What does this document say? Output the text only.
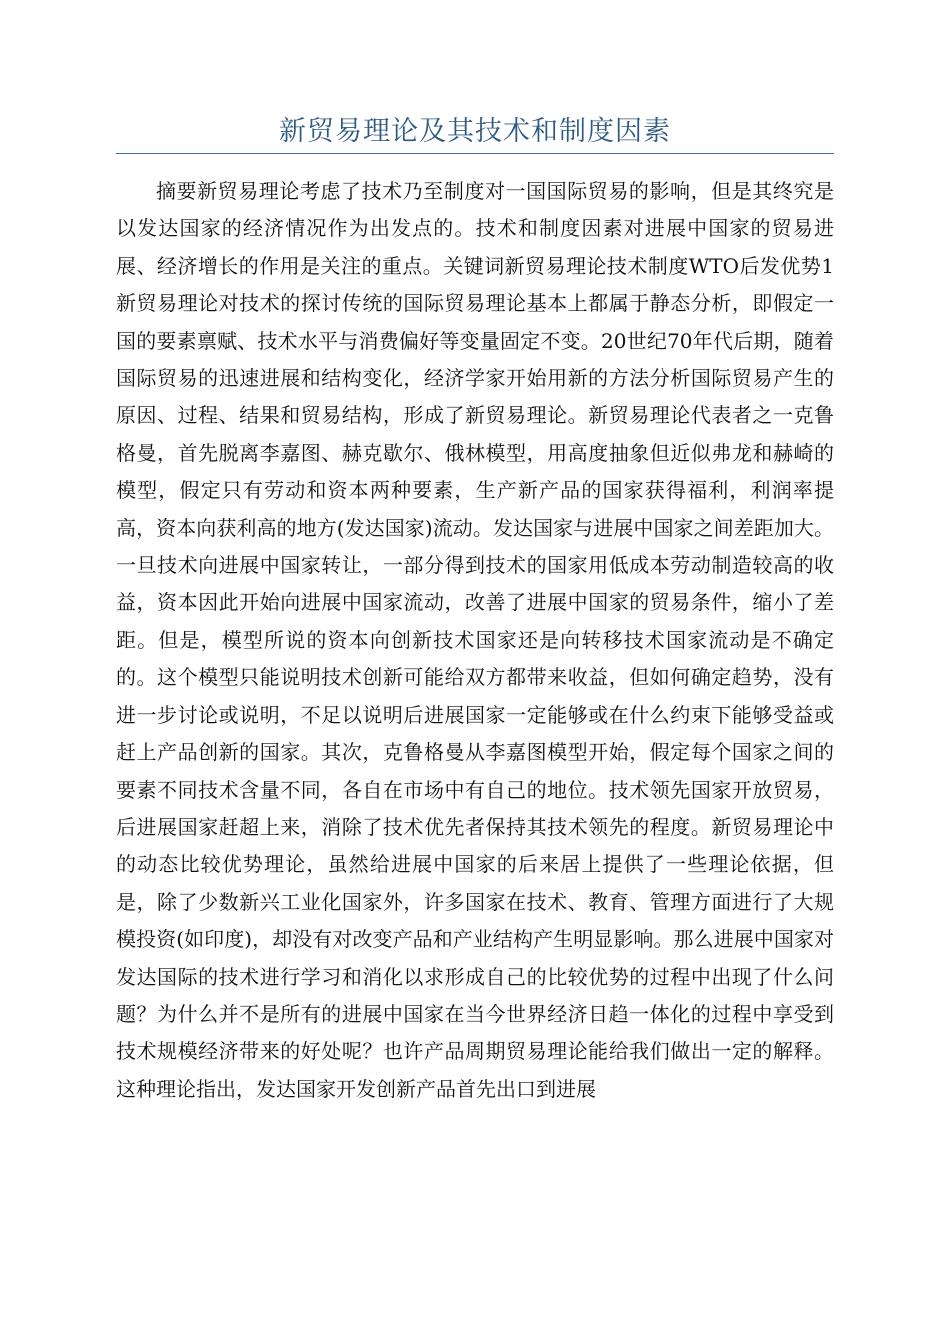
新贸易理论及其技术和制度因素

摘要新贸易理论考虑了技术乃至制度对一国国际贸易的影响，但是其终究是以发达国家的经济情况作为出发点的。技术和制度因素对进展中国家的贸易进展、经济增长的作用是关注的重点。关键词新贸易理论技术制度WTO后发优势1新贸易理论对技术的探讨传统的国际贸易理论基本上都属于静态分析，即假定一国的要素禀赋、技术水平与消费偏好等变量固定不变。20世纪70年代后期，随着国际贸易的迅速进展和结构变化，经济学家开始用新的方法分析国际贸易产生的原因、过程、结果和贸易结构，形成了新贸易理论。新贸易理论代表者之一克鲁格曼，首先脱离李嘉图、赫克歇尔、俄林模型，用高度抽象但近似弗龙和赫崎的模型，假定只有劳动和资本两种要素，生产新产品的国家获得福利，利润率提高，资本向获利高的地方(发达国家)流动。发达国家与进展中国家之间差距加大。一旦技术向进展中国家转让，一部分得到技术的国家用低成本劳动制造较高的收益，资本因此开始向进展中国家流动，改善了进展中国家的贸易条件，缩小了差距。但是，模型所说的资本向创新技术国家还是向转移技术国家流动是不确定的。这个模型只能说明技术创新可能给双方都带来收益，但如何确定趋势，没有进一步讨论或说明，不足以说明后进展国家一定能够或在什么约束下能够受益或赶上产品创新的国家。其次，克鲁格曼从李嘉图模型开始，假定每个国家之间的要素不同技术含量不同，各自在市场中有自己的地位。技术领先国家开放贸易，后进展国家赶超上来，消除了技术优先者保持其技术领先的程度。新贸易理论中的动态比较优势理论，虽然给进展中国家的后来居上提供了一些理论依据，但是，除了少数新兴工业化国家外，许多国家在技术、教育、管理方面进行了大规模投资(如印度)，却没有对改变产品和产业结构产生明显影响。那么进展中国家对发达国际的技术进行学习和消化以求形成自己的比较优势的过程中出现了什么问题？为什么并不是所有的进展中国家在当今世界经济日趋一体化的过程中享受到技术规模经济带来的好处呢？也许产品周期贸易理论能给我们做出一定的解释。这种理论指出，发达国家开发创新产品首先出口到进展
